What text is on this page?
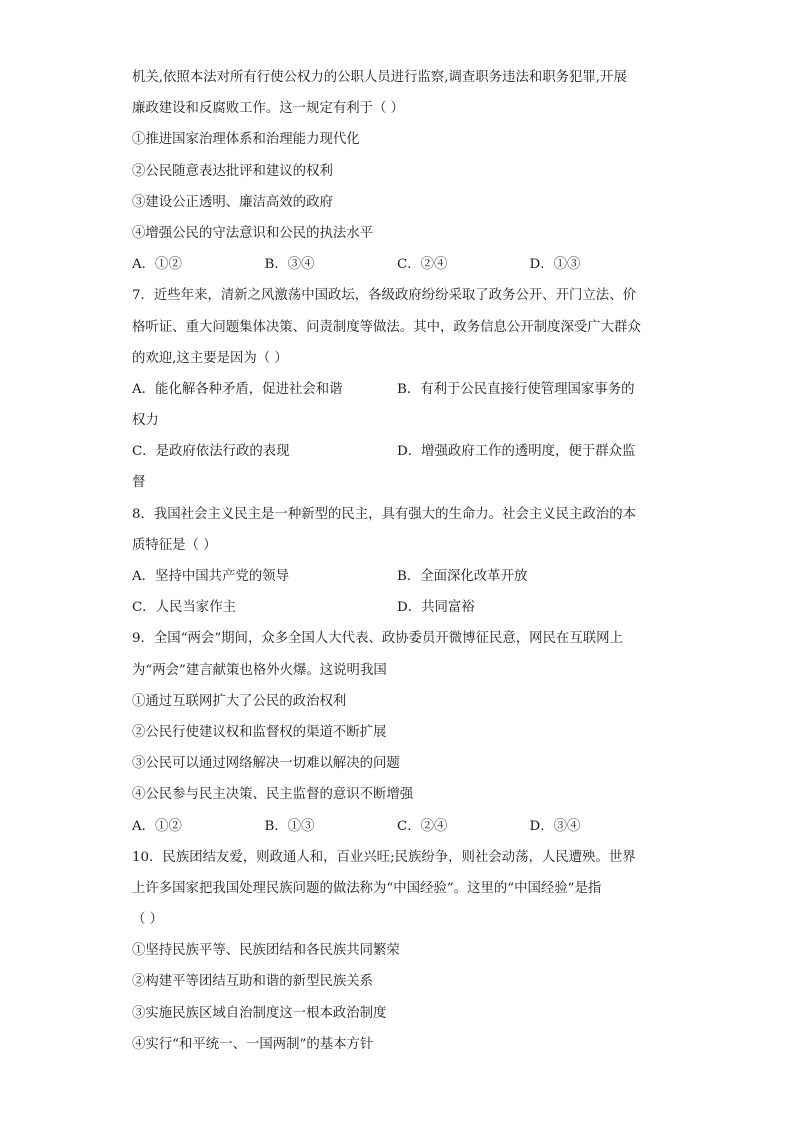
机关,依照本法对所有行使公权力的公职人员进行监察,调查职务违法和职务犯罪,开展
廉政建设和反腐败工作。这一规定有利于（ ）
①推进国家治理体系和治理能力现代化
②公民随意表达批评和建议的权利
③建设公正透明、廉洁高效的政府
④增强公民的守法意识和公民的执法水平
A．①②	B．③④	C．②④	D．①③
7．近些年来，清新之风激荡中国政坛，各级政府纷纷采取了政务公开、开门立法、价
格听证、重大问题集体决策、问责制度等做法。其中，政务信息公开制度深受广大群众
的欢迎,这主要是因为（ ）
A．能化解各种矛盾，促进社会和谐	B．有利于公民直接行使管理国家事务的
权力
C．是政府依法行政的表现	D．增强政府工作的透明度，便于群众监
督
8．我国社会主义民主是一种新型的民主，具有强大的生命力。社会主义民主政治的本
质特征是（ ）
A．坚持中国共产党的领导	B．全面深化改革开放
C．人民当家作主	D．共同富裕
9．全国“两会”期间，众多全国人大代表、政协委员开微博征民意，网民在互联网上
为“两会”建言献策也格外火爆。这说明我国
①通过互联网扩大了公民的政治权利
②公民行使建议权和监督权的渠道不断扩展
③公民可以通过网络解决一切难以解决的问题
④公民参与民主决策、民主监督的意识不断增强
A．①②	B．①③	C．②④	D．③④
10．民族团结友爱，则政通人和，百业兴旺;民族纷争，则社会动荡，人民遭殃。世界
上许多国家把我国处理民族问题的做法称为“中国经验”。这里的“中国经验”是指
（ ）
①坚持民族平等、民族团结和各民族共同繁荣
②构建平等团结互助和谐的新型民族关系
③实施民族区域自治制度这一根本政治制度
④实行“和平统一、一国两制”的基本方针
